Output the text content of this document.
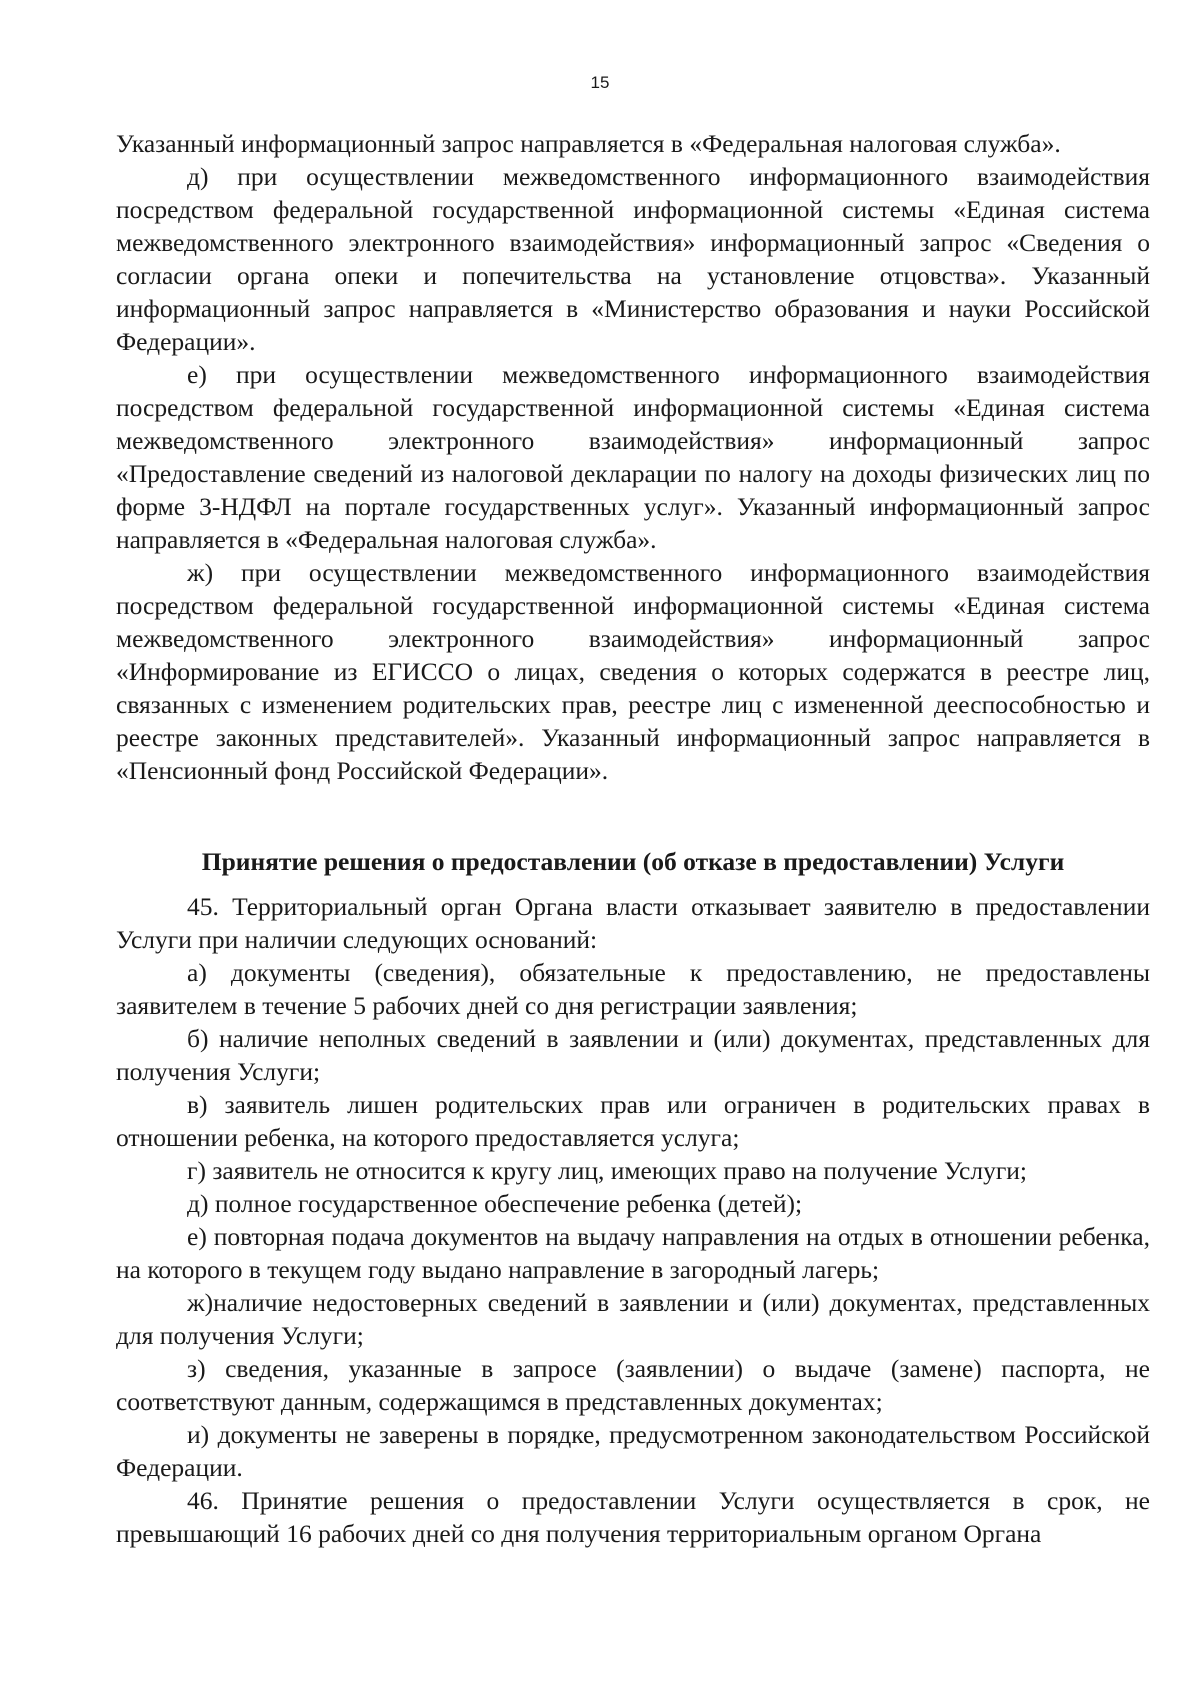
15

Указанный информационный запрос направляется в «Федеральная налоговая служба».

д) при осуществлении межведомственного информационного взаимодействия посредством федеральной государственной информационной системы «Единая система межведомственного электронного взаимодействия» информационный запрос «Сведения о согласии органа опеки и попечительства на установление отцовства». Указанный информационный запрос направляется в «Министерство образования и науки Российской Федерации».

е) при осуществлении межведомственного информационного взаимодействия посредством федеральной государственной информационной системы «Единая система межведомственного электронного взаимодействия» информационный запрос «Предоставление сведений из налоговой декларации по налогу на доходы физических лиц по форме 3-НДФЛ на портале государственных услуг». Указанный информационный запрос направляется в «Федеральная налоговая служба».

ж) при осуществлении межведомственного информационного взаимодействия посредством федеральной государственной информационной системы «Единая система межведомственного электронного взаимодействия» информационный запрос «Информирование из ЕГИССО о лицах, сведения о которых содержатся в реестре лиц, связанных с изменением родительских прав, реестре лиц с измененной дееспособностью и реестре законных представителей». Указанный информационный запрос направляется в «Пенсионный фонд Российской Федерации».

Принятие решения о предоставлении (об отказе в предоставлении) Услуги

45. Территориальный орган Органа власти отказывает заявителю в предоставлении Услуги при наличии следующих оснований:

а) документы (сведения), обязательные к предоставлению, не предоставлены заявителем в течение 5 рабочих дней со дня регистрации заявления;

б) наличие неполных сведений в заявлении и (или) документах, представленных для получения Услуги;

в) заявитель лишен родительских прав или ограничен в родительских правах в отношении ребенка, на которого предоставляется услуга;

г) заявитель не относится к кругу лиц, имеющих право на получение Услуги;

д) полное государственное обеспечение ребенка (детей);

е) повторная подача документов на выдачу направления на отдых в отношении ребенка, на которого в текущем году выдано направление в загородный лагерь;

ж)наличие недостоверных сведений в заявлении и (или) документах, представленных для получения Услуги;

з) сведения, указанные в запросе (заявлении) о выдаче (замене) паспорта, не соответствуют данным, содержащимся в представленных документах;

и) документы не заверены в порядке, предусмотренном законодательством Российской Федерации.

46. Принятие решения о предоставлении Услуги осуществляется в срок, не превышающий 16 рабочих дней со дня получения территориальным органом Органа
